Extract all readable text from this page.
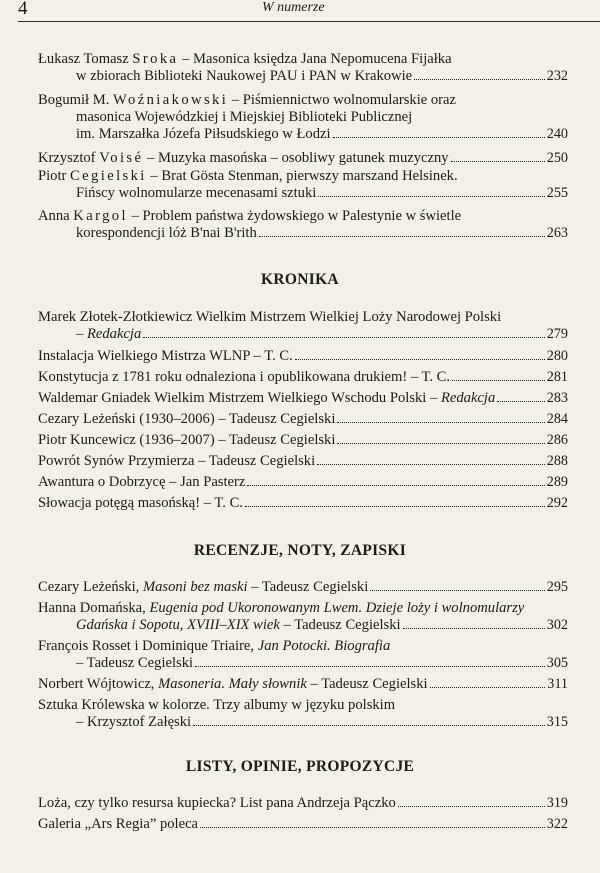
4	W numerze
Łukasz Tomasz Sroka – Masonica księdza Jana Nepomucena Fijałka
w zbiorach Biblioteki Naukowej PAU i PAN w Krakowie	232
Bogumił M. Woźniakowski – Piśmiennictwo wolnomularskie oraz
masonica Wojewódzkiej i Miejskiej Biblioteki Publicznej
im. Marszałka Józefa Piłsudskiego w Łodzi	240
Krzysztof Voisé – Muzyka masońska – osobliwy gatunek muzyczny	250
Piotr Cegielski – Brat Gösta Stenman, pierwszy marszand Helsinek.
Fińscy wolnomularze mecenasami sztuki	255
Anna Kargol – Problem państwa żydowskiego w Palestynie w świetle
korespondencji lóż B'nai B'rith	263
KRONIKA
Marek Złotek-Złotkiewicz Wielkim Mistrzem Wielkiej Loży Narodowej Polski
– Redakcja	279
Instalacja Wielkiego Mistrza WLNP – T. C.	280
Konstytucja z 1781 roku odnaleziona i opublikowana drukiem! – T. C.	281
Waldemar Gniadek Wielkim Mistrzem Wielkiego Wschodu Polski – Redakcja	283
Cezary Leżeński (1930–2006) – Tadeusz Cegielski	284
Piotr Kuncewicz (1936–2007) – Tadeusz Cegielski	286
Powrót Synów Przymierza – Tadeusz Cegielski	288
Awantura o Dobrzycę – Jan Pasterz	289
Słowacja potęgą masońską! – T. C.	292
RECENZJE, NOTY, ZAPISKI
Cezary Leżeński, Masoni bez maski – Tadeusz Cegielski	295
Hanna Domańska, Eugenia pod Ukoronowanym Lwem. Dzieje loży i wolnomularzy
Gdańska i Sopotu, XVIII–XIX wiek – Tadeusz Cegielski	302
François Rosset i Dominique Triaire, Jan Potocki. Biografia
– Tadeusz Cegielski	305
Norbert Wójtowicz, Masoneria. Mały słownik – Tadeusz Cegielski	311
Sztuka Królewska w kolorze. Trzy albumy w języku polskim
– Krzysztof Załęski	315
LISTY, OPINIE, PROPOZYCJE
Loża, czy tylko resursa kupiecka? List pana Andrzeja Pączko	319
Galeria „Ars Regia” poleca	322
